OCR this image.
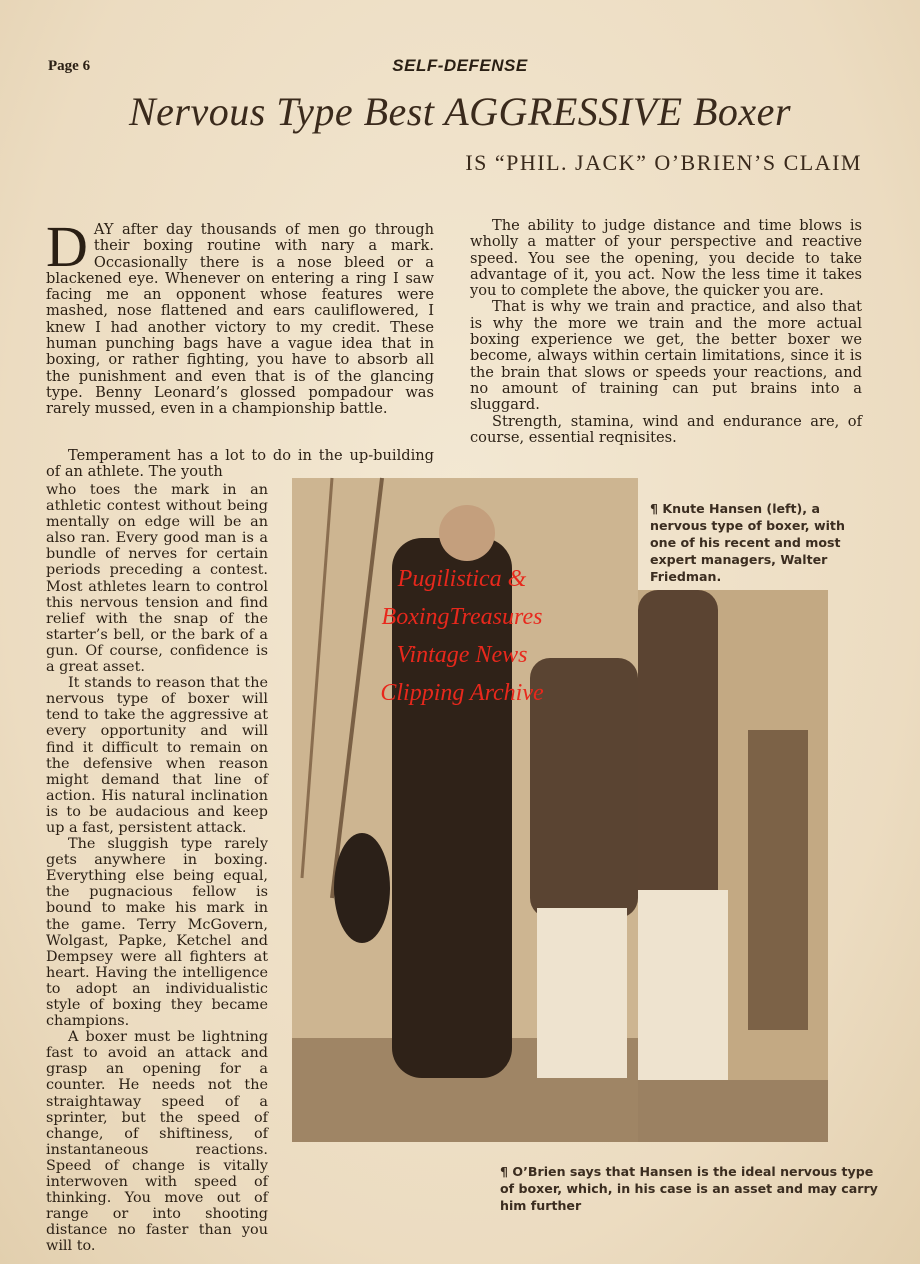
Page 6	SELF-DEFENSE
Nervous Type Best AGGRESSIVE Boxer
IS “PHIL. JACK” O’BRIEN’S CLAIM

DAY after day thousands of men go through their boxing routine with nary a mark. Occasionally there is a nose bleed or a blackened eye. Whenever on entering a ring I saw facing me an opponent whose features were mashed, nose flattened and ears cauliflowered, I knew I had another victory to my credit. These human punching bags have a vague idea that in boxing, or rather fighting, you have to absorb all the punishment and even that is of the glancing type. Benny Leonard’s glossed pompadour was rarely mussed, even in a championship battle.

Temperament has a lot to do in the up-building of an athlete. The youth

The ability to judge distance and time blows is wholly a matter of your perspective and reactive speed. You see the opening, you decide to take advantage of it, you act. Now the less time it takes you to complete the above, the quicker you are.

That is why we train and practice, and also that is why the more we train and the more actual boxing experience we get, the better boxer we become, always within certain limitations, since it is the brain that slows or speeds your reactions, and no amount of training can put brains into a sluggard.

Strength, stamina, wind and endurance are, of course, essential reqnisites.

who toes the mark in an athletic contest without being mentally on edge will be an also ran. Every good man is a bundle of nerves for certain periods preceding a contest. Most athletes learn to control this nervous tension and find relief with the snap of the starter’s bell, or the bark of a gun. Of course, confidence is a great asset.

It stands to reason that the nervous type of boxer will tend to take the aggressive at every opportunity and will find it difficult to remain on the defensive when reason might demand that line of action. His natural inclination is to be audacious and keep up a fast, persistent attack.

The sluggish type rarely gets anywhere in boxing. Everything else being equal, the pugnacious fellow is bound to make his mark in the game. Terry McGovern, Wolgast, Papke, Ketchel and Dempsey were all fighters at heart. Having the intelligence to adopt an individualistic style of boxing they became champions.

A boxer must be lightning fast to avoid an attack and grasp an opening for a counter. He needs not the straightaway speed of a sprinter, but the speed of change, of shiftiness, of instantaneous reactions. Speed of change is vitally interwoven with speed of thinking. You move out of range or into shooting distance no faster than you will to.

Pugilistica &
BoxingTreasures
Vintage News
Clipping Archive
¶ Knute Hansen (left), a nervous type of boxer, with one of his recent and most expert managers, Walter Friedman.
¶ O’Brien says that Hansen is the ideal nervous type of boxer, which, in his case is an asset and may carry him further
